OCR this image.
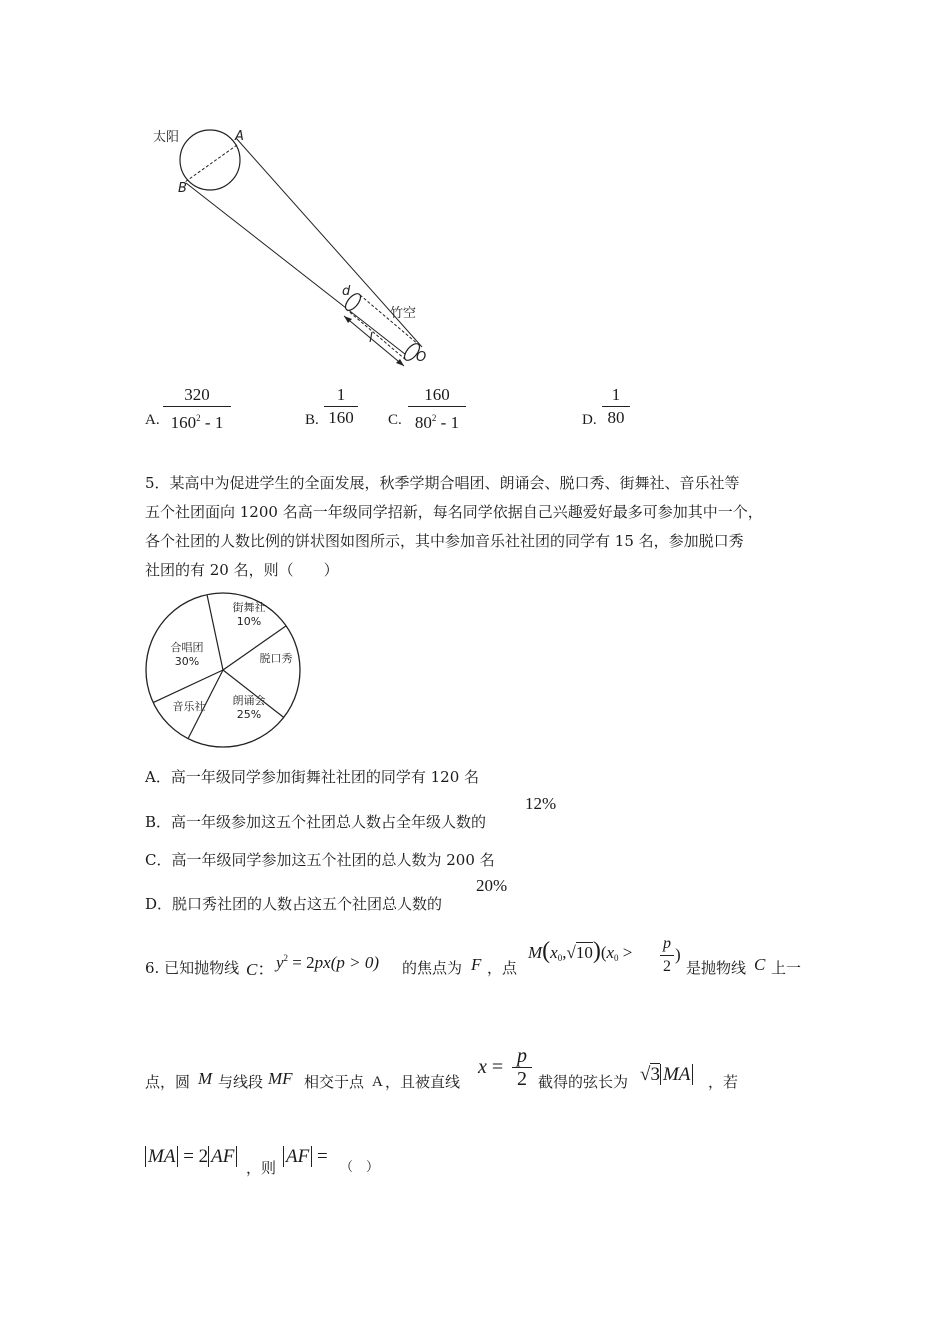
太阳	A
B
d
竹空
l
O
A.
320
$160^2 - 1$	B.
1
160 C.
160
$80^2 - 1$	D.
1
80
5．某高中为促进学生的全面发展，秋季学期合唱团、朗诵会、脱口秀、街舞社、音乐社等
五个社团面向 1200 名高一年级同学招新，每名同学依据自己兴趣爱好最多可参加其中一个，
各个社团的人数比例的饼状图如图所示，其中参加音乐社社团的同学有 15 名，参加脱口秀
社团的有 20 名，则（　　）
街舞社
10%
脱口秀
朗诵会
25%
音乐社
合唱团
30%
A．高一年级同学参加街舞社社团的同学有 120 名
B．高一年级参加这五个社团总人数占全年级人数的
12%
C．高一年级同学参加这五个社团的总人数为 200 名
D．脱口秀社团的人数占这五个社团总人数的
20%
6. 已知抛物线 C： $y^2 = 2px(p > 0)$ 的焦点为 F ，点
$M(x_0,√10)(x_0 > p$
2
)
是抛物线 C 上一
点，圆 M 与线段 MF 相交于点 A ，且被直线
x = p
2 截得的弦长为 √3 MA ，若
MA = 2 AF
，则
AF =
（　）
